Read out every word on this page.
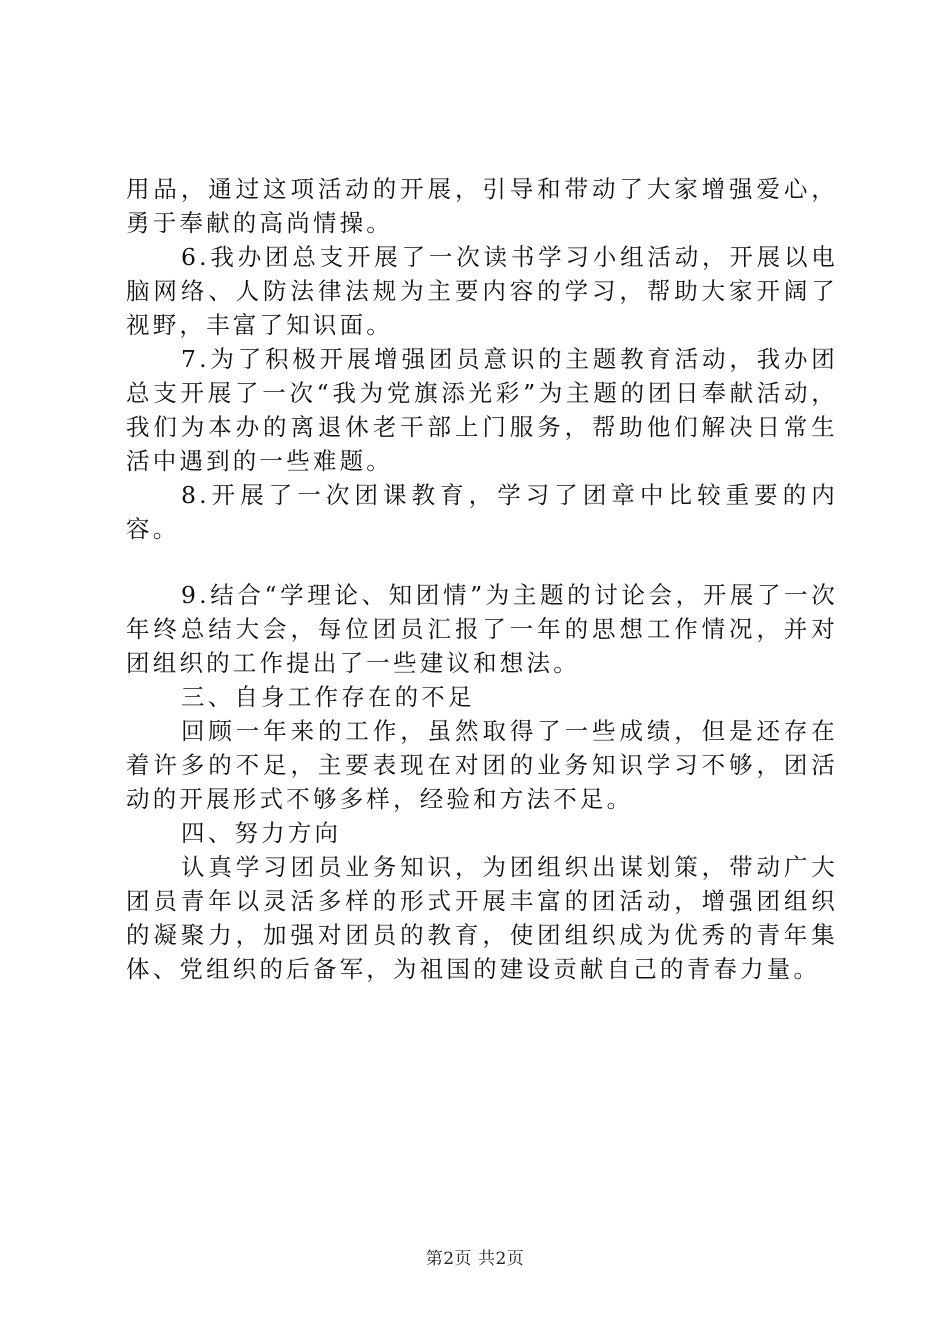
用品，通过这项活动的开展，引导和带动了大家增强爱心，勇于奉献的高尚情操。

6.我办团总支开展了一次读书学习小组活动，开展以电脑网络、人防法律法规为主要内容的学习，帮助大家开阔了视野，丰富了知识面。

7.为了积极开展增强团员意识的主题教育活动，我办团总支开展了一次“我为党旗添光彩”为主题的团日奉献活动，我们为本办的离退休老干部上门服务，帮助他们解决日常生活中遇到的一些难题。

8.开展了一次团课教育，学习了团章中比较重要的内容。

9.结合“学理论、知团情”为主题的讨论会，开展了一次年终总结大会，每位团员汇报了一年的思想工作情况，并对团组织的工作提出了一些建议和想法。

三、自身工作存在的不足

回顾一年来的工作，虽然取得了一些成绩，但是还存在着许多的不足，主要表现在对团的业务知识学习不够，团活动的开展形式不够多样，经验和方法不足。

四、努力方向

认真学习团员业务知识，为团组织出谋划策，带动广大团员青年以灵活多样的形式开展丰富的团活动，增强团组织的凝聚力，加强对团员的教育，使团组织成为优秀的青年集体、党组织的后备军，为祖国的建设贡献自己的青春力量。

第2页 共2页
